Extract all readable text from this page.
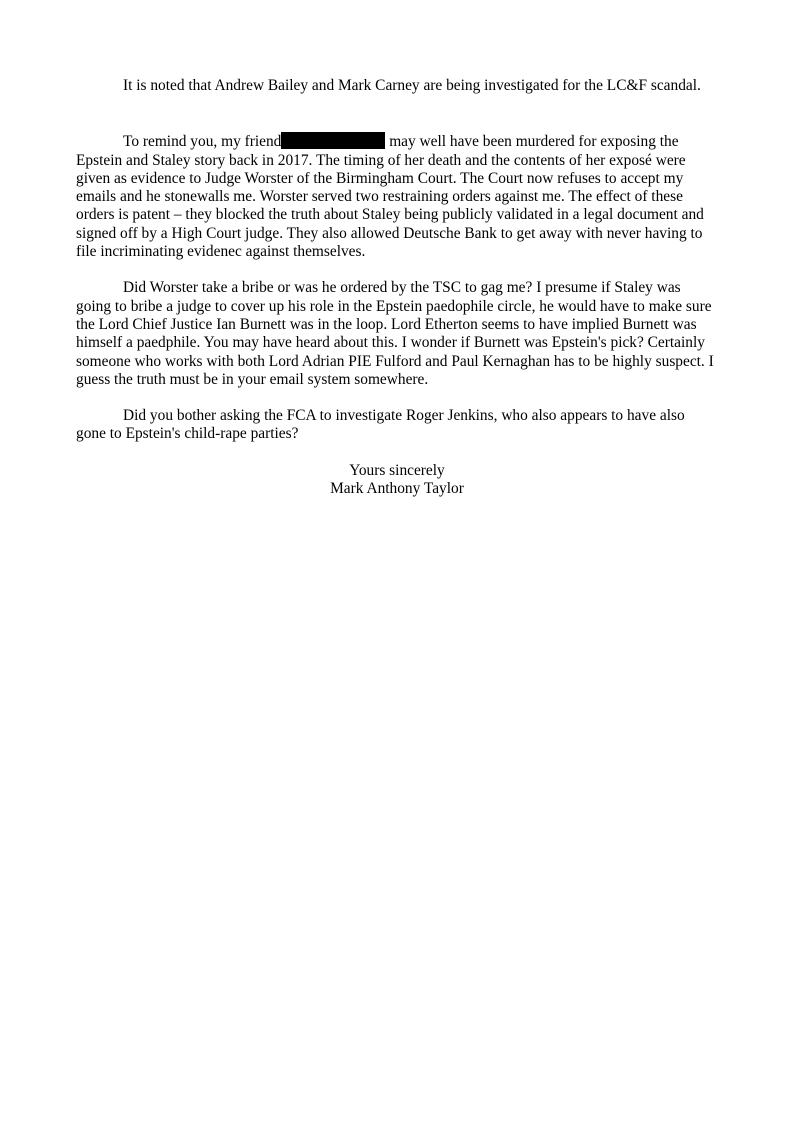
It is noted that Andrew Bailey and Mark Carney are being investigated for the LC&F scandal.

To remind you, my friend	may well have been murdered for exposing the Epstein and Staley story back in 2017. The timing of her death and the contents of her exposé were given as evidence to Judge Worster of the Birmingham Court. The Court now refuses to accept my emails and he stonewalls me. Worster served two restraining orders against me. The effect of these orders is patent – they blocked the truth about Staley being publicly validated in a legal document and signed off by a High Court judge. They also allowed Deutsche Bank to get away with never having to file incriminating evidenec against themselves.

Did Worster take a bribe or was he ordered by the TSC to gag me? I presume if Staley was going to bribe a judge to cover up his role in the Epstein paedophile circle, he would have to make sure the Lord Chief Justice Ian Burnett was in the loop. Lord Etherton seems to have implied Burnett was himself a paedphile. You may have heard about this. I wonder if Burnett was Epstein's pick? Certainly someone who works with both Lord Adrian PIE Fulford and Paul Kernaghan has to be highly suspect. I guess the truth must be in your email system somewhere.

Did you bother asking the FCA to investigate Roger Jenkins, who also appears to have also gone to Epstein's child-rape parties?

Yours sincerely
Mark Anthony Taylor
